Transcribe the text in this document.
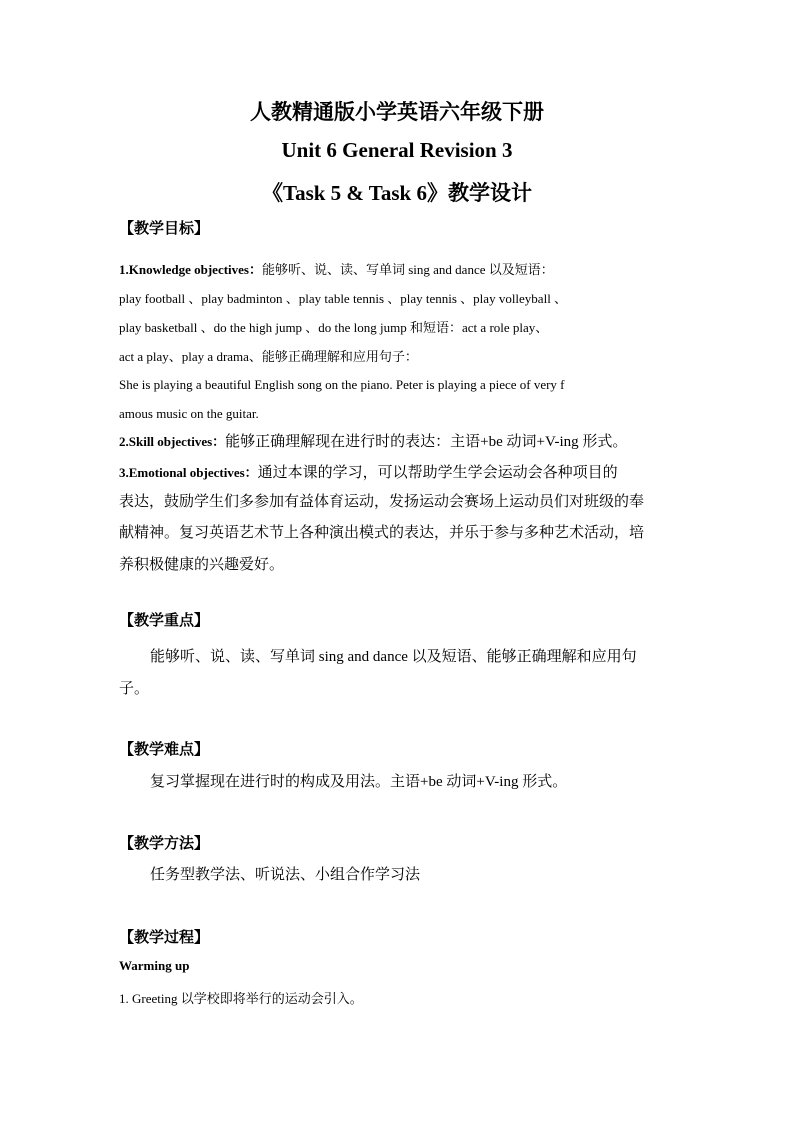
人教精通版小学英语六年级下册
Unit 6 General Revision 3
《Task 5 & Task 6》教学设计
【教学目标】
1.Knowledge objectives：能够听、说、读、写单词 sing and dance 以及短语：
play football 、play badminton 、play table tennis 、play tennis 、play volleyball 、
play basketball 、do the high jump 、do the long jump 和短语：act a role play、
act a play、play a drama、能够正确理解和应用句子：
She is playing a beautiful English song on the piano. Peter is playing a piece of very f
amous music on the guitar.
2.Skill objectives：能够正确理解现在进行时的表达：主语+be 动词+V-ing 形式。
3.Emotional objectives：通过本课的学习，可以帮助学生学会运动会各种项目的
表达，鼓励学生们多参加有益体育运动，发扬运动会赛场上运动员们对班级的奉
献精神。复习英语艺术节上各种演出模式的表达，并乐于参与多种艺术活动，培
养积极健康的兴趣爱好。
【教学重点】
能够听、说、读、写单词 sing and dance 以及短语、能够正确理解和应用句
子。
【教学难点】
复习掌握现在进行时的构成及用法。主语+be 动词+V-ing 形式。
【教学方法】
任务型教学法、听说法、小组合作学习法
【教学过程】
Warming up
1. Greeting 以学校即将举行的运动会引入。
